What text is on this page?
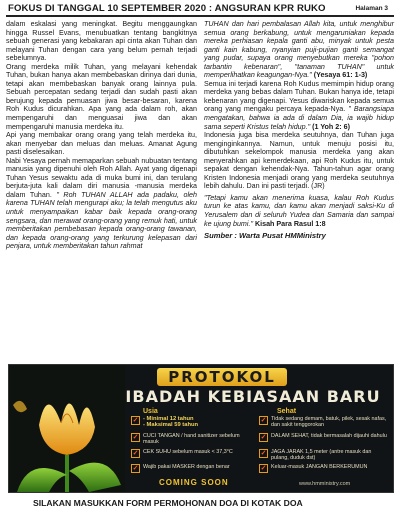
FOKUS DI TANGGAL 10 SEPTEMBER 2020 : ANGSURAN KPR RUKO	Halaman 3

dalam eskalasi yang meningkat. Begitu menggaungkan hingga Russel Evans, menubuatkan tentang bangkitnya sebuah generasi yang kebakaran api cinta akan Tuhan dan melayani Tuhan dengan cara yang belum pernah terjadi sebelumnya.

Orang merdeka milik Tuhan, yang melayani kehendak Tuhan, bukan hanya akan membebaskan dirinya dari dunia, tetapi akan membebaskan banyak orang lainnya pula. Sebuah percepatan sedang terjadi dan sudah pasti akan berujung kepada pemuasan jiwa besar-besaran, karena Roh Kudus dicurahkan. Apa yang ada dalam roh, akan mempengaruhi dan menguasai jiwa dan akan mempengaruhi manusia merdeka itu.

Api yang membakar orang orang yang telah merdeka itu, akan menyebar dan meluas dan meluas. Amanat Agung pasti diselesaikan.

Nabi Yesaya pernah memaparkan sebuah nubuatan tentang manusia yang dipenuhi oleh Roh Allah. Ayat yang digenapi Tuhan Yesus sewaktu ada di muka bumi ini, dan terulang berjuta-juta kali dalam diri manusia -manusia merdeka dalam Tuhan. " Roh TUHAN ALLAH ada padaku, oleh karena TUHAN telah mengurapi aku; la telah mengutus aku untuk menyampaikan kabar baik kepada orang-orang sengsara, dan merawat orang-orang yang remuk hati, untuk memberitakan pembebasan kepada orang-orang tawanan, dan kepada orang-orang yang terkurung kelepasan dari penjara, untuk memberitakan tahun rahmat

TUHAN dan hari pembalasan Allah kita, untuk menghibur semua orang berkabung, untuk mengaruniakan kepada mereka perhiasan kepala ganti abu, minyak untuk pesta ganti kain kabung, nyanyian puji-pujian ganti semangat yang pudar, supaya orang menyebutkan mereka "pohon tarbantin kebenaran", "tanaman TUHAN" untuk memperlihatkan keagungan-Nya." (Yesaya 61: 1-3)

Semua ini terjadi karena Roh Kudus memimpin hidup orang merdeka yang bebas dalam Tuhan. Bukan hanya ide, tetapi kebenaran yang digenapi. Yesus diwariskan kepada semua orang yang mengaku percaya kepada-Nya. " Barangsiapa mengatakan, bahwa ia ada di dalam Dia, ia wajib hidup sama seperti Kristus telah hidup." (1 Yoh 2: 6)

Indonesia juga bisa merdeka seutuhnya, dan Tuhan juga menginginkannya. Namun, untuk menuju posisi itu, dibutuhkan sekelompok manusia merdeka yang akan menyerahkan api kemerdekaan, api Roh Kudus itu, untuk sepakat dengan kehendak-Nya. Tahun-tahun agar orang Kristen Indonesia menjadi orang yang merdeka seutuhnya lebih dahulu. Dan ini pasti terjadi. (JR)

"Tetapi kamu akan menerima kuasa, kalau Roh Kudus turun ke atas kamu, dan kamu akan menjadi saksi-Ku di Yerusalem dan di seluruh Yudea dan Samaria dan sampai ke ujung bumi." Kisah Para Rasul 1:8

Sumber : Warta Pusat HMMinistry
PROTOKOL
IBADAH KEBIASAAN BARU
Usia	Sehat
✓ - Minimal 12 tahun
- Maksimal 59 tahun
✓ CUCI TANGAN / hand sanitizer sebelum masuk
✓ CEK SUHU sebelum masuk < 37,3°C
✓ Wajib pakai MASKER dengan benar
✓ Tidak sedang demam, batuk, pilek, sesak nafas, dan sakit tenggorokan
✓ DALAM SEHAT, tidak bermasalah dijauhi dahulu
✓ JAGA JARAK 1,5 meter (antre masuk dan pulang, duduk dst)
✓ Keluar-masuk JANGAN BERKERUMUN
COMING SOON	www.hmministry.com
SILAKAN MASUKKAN FORM PERMOHONAN DOA DI KOTAK DOA
